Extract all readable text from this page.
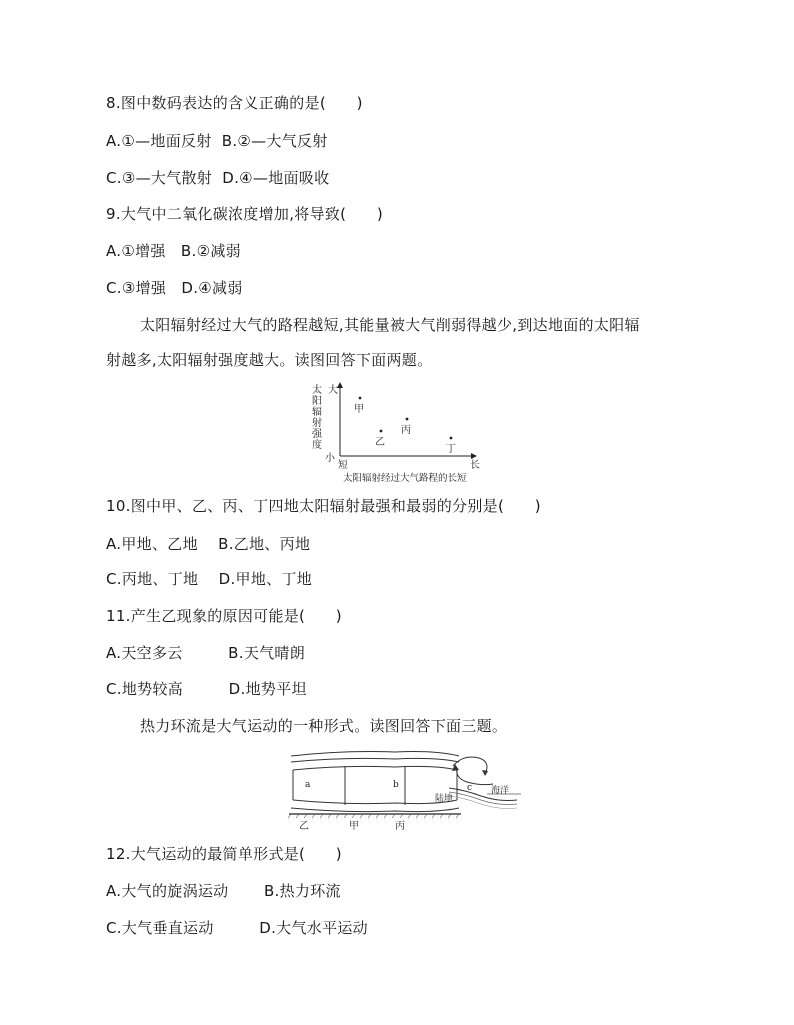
8.图中数码表达的含义正确的是(　　)
A.①—地面反射  B.②—大气反射
C.③—大气散射  D.④—地面吸收
9.大气中二氧化碳浓度增加,将导致(　　)
A.①增强   B.②减弱
C.③增强   D.④减弱
太阳辐射经过大气的路程越短,其能量被大气削弱得越少,到达地面的太阳辐
射越多,太阳辐射强度越大。读图回答下面两题。
大
太
阳
辐
射
强
度
小
短	长
甲
乙
丙
丁
太阳辐射经过大气路程的长短
10.图中甲、乙、丙、丁四地太阳辐射最强和最弱的分别是(　　)
A.甲地、乙地    B.乙地、丙地
C.丙地、丁地    D.甲地、丁地
11.产生乙现象的原因可能是(　　)
A.天空多云         B.天气晴朗
C.地势较高         D.地势平坦
热力环流是大气运动的一种形式。读图回答下面三题。
a	b
乙	甲	丙
c
陆地
海洋
12.大气运动的最简单形式是(　　)
A.大气的旋涡运动       B.热力环流
C.大气垂直运动         D.大气水平运动
